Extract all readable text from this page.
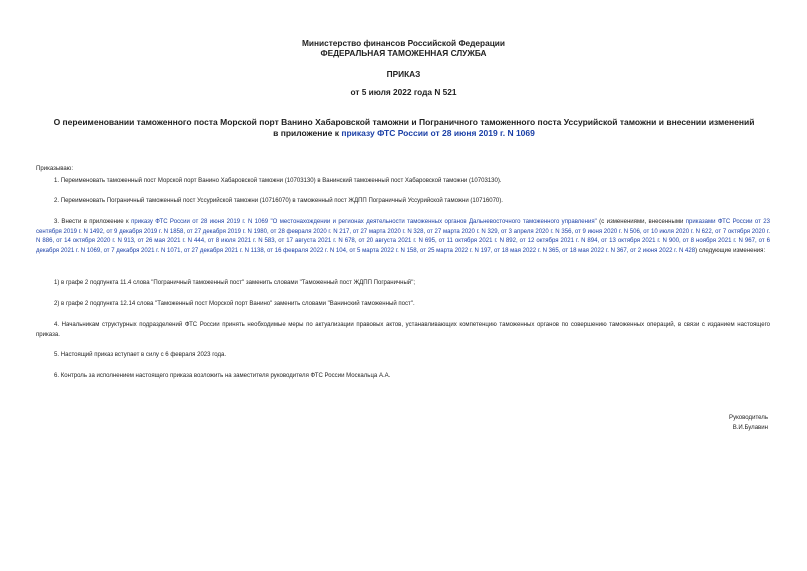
Министерство финансов Российской Федерации
ФЕДЕРАЛЬНАЯ ТАМОЖЕННАЯ СЛУЖБА
ПРИКАЗ
от 5 июля 2022 года N 521
О переименовании таможенного поста Морской порт Ванино Хабаровской таможни и Пограничного таможенного поста Уссурийской таможни и внесении изменений
в приложение к приказу ФТС России от 28 июня 2019 г. N 1069
Приказываю:

1. Переименовать таможенный пост Морской порт Ванино Хабаровской таможни (10703130) в Ванинский таможенный пост Хабаровской таможни (10703130).

2. Переименовать Пограничный таможенный пост Уссурийской таможни (10716070) в таможенный пост ЖДПП Пограничный Уссурийской таможни (10716070).

3. Внести в приложение к приказу ФТС России от 28 июня 2019 г. N 1069 "О местонахождении и регионах деятельности таможенных органов Дальневосточного таможенного управления" (с изменениями, внесенными приказами ФТС России от 23 сентября 2019 г. N 1492, от 9 декабря 2019 г. N 1858, от 27 декабря 2019 г. N 1980, от 28 февраля 2020 г. N 217, от 27 марта 2020 г. N 328, от 27 марта 2020 г. N 329, от 3 апреля 2020 г. N 356, от 9 июня 2020 г. N 506, от 10 июля 2020 г. N 622, от 7 октября 2020 г. N 886, от 14 октября 2020 г. N 913, от 26 мая 2021 г. N 444, от 8 июля 2021 г. N 583, от 17 августа 2021 г. N 678, от 20 августа 2021 г. N 695, от 11 октября 2021 г. N 892, от 12 октября 2021 г. N 894, от 13 октября 2021 г. N 900, от 8 ноября 2021 г. N 967, от 6 декабря 2021 г. N 1069, от 7 декабря 2021 г. N 1071, от 27 декабря 2021 г. N 1138, от 16 февраля 2022 г. N 104, от 5 марта 2022 г. N 158, от 25 марта 2022 г. N 197, от 18 мая 2022 г. N 365, от 18 мая 2022 г. N 367, от 2 июня 2022 г. N 428) следующие изменения:

1) в графе 2 подпункта 11.4 слова "Пограничный таможенный пост" заменить словами "Таможенный пост ЖДПП Пограничный";

2) в графе 2 подпункта 12.14 слова "Таможенный пост Морской порт Ванино" заменить словами "Ванинский таможенный пост".

4. Начальникам структурных подразделений ФТС России принять необходимые меры по актуализации правовых актов, устанавливающих компетенцию таможенных органов по совершению таможенных операций, в связи с изданием настоящего приказа.

5. Настоящий приказ вступает в силу с 6 февраля 2023 года.

6. Контроль за исполнением настоящего приказа возложить на заместителя руководителя ФТС России Москальца А.А.

Руководитель
В.И.Булавин
